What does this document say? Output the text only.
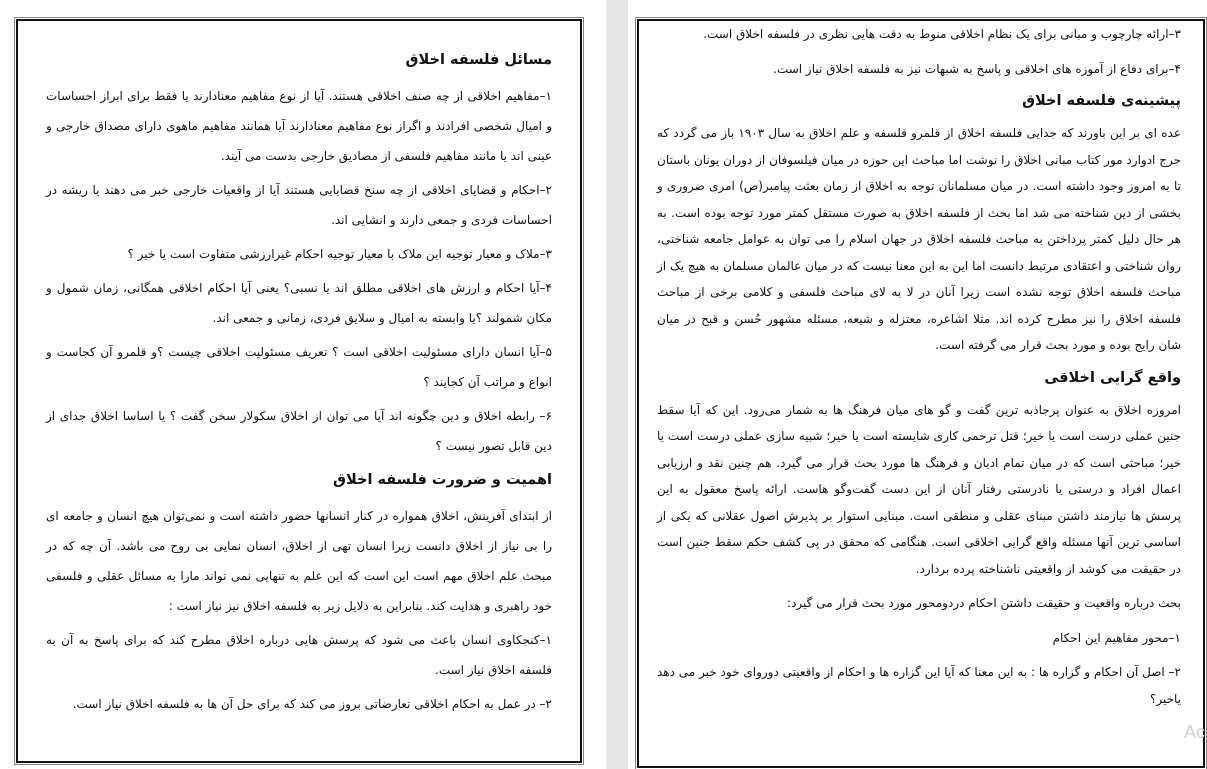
مسائل فلسفه اخلاق

۱–مفاهیم اخلاقی از چه صنف اخلاقی هستند. آیا از نوع مفاهیم معنادارند یا فقط برای ابراز احساسات و امیال شخصی افرادند و اگراز نوع مفاهیم معنادارند آیا همانند مفاهیم ماهوی دارای مصداق خارجی و عینی اند یا مانند مفاهیم فلسفی از مصادیق خارجی بدست می آیند.

۲–احکام و قضایای اخلاقی از چه سنخ قضایایی هستند آیا از واقعیات خارجی خبر می دهند یا ریشه در احساسات فردی و جمعی دارند و انشایی اند.

۳–ملاک و معیار توجیه این ملاک با معیار توجیه احکام غیرارزشی متفاوت است یا خیر ؟

۴–آیا احکام و ارزش های اخلاقی مطلق اند یا نسبی؟ یعنی آیا احکام اخلاقی همگانی، زمان شمول و مکان شمولند ؟یا وابسته به امیال و سلایق فردی، زمانی و جمعی اند.

۵–آیا انسان دارای مسئولیت اخلاقی است ؟ تعریف مسئولیت اخلاقی چیست ؟و قلمرو آن کجاست و انواع و مراتب آن کجایند ؟

۶– رابطه اخلاق و دین چگونه اند آیا می توان از اخلاق سکولار سخن گفت ؟ یا اساسا اخلاق جدای از دین قابل تصور نیست ؟

اهمیت و ضرورت فلسفه اخلاق

از ابتدای آفرینش، اخلاق همواره در کنار انسانها حضور داشته است و نمی‌توان هیچ انسان و جامعه ای را بی نیاز از اخلاق دانست زیرا انسان تهی از اخلاق، انسان نمایی بی روح می باشد. آن چه که در مبحث علم اخلاق مهم است این است که این علم به تنهایی نمی تواند مارا به مسائل عقلی و فلسفی خود راهبری و هدایت کند. بنابراین به دلایل زیر به فلسفه اخلاق نیز نیاز است :

۱–کنجکاوی انسان باعث می شود که پرسش هایی درباره اخلاق مطرح کند که برای پاسخ به آن به فلسفه اخلاق نیاز است.

۲– در عمل به احکام اخلاقی تعارضاتی بروز می کند که برای حل آن ها به فلسفه اخلاق نیاز است.

۳–ارائه چارچوب و مبانی برای یک نظام اخلاقی منوط به دقت هایی نظری در فلسفه اخلاق است.

۴–برای دفاع از آموزه های اخلاقی و پاسخ به شبهات نیز به فلسفه اخلاق نیاز است.

پیشینه‌ی فلسفه اخلاق

عده ای بر این باورند که جدایی فلسفه اخلاق از قلمرو فلسفه و علم اخلاق به سال ۱۹۰۳ باز می گردد که جرج ادوارد مور کتاب مبانی اخلاق را نوشت اما مباحث این حوزه در میان فیلسوفان از دوران یونان باستان تا به امروز وجود داشته است. در میان مسلمانان توجه به اخلاق از زمان بعثت پیامبر(ص) امری ضروری و بخشی از دین شناخته می شد اما بحث از فلسفه اخلاق به صورت مستقل کمتر مورد توجه بوده است. به هر حال دلیل کمتر پرداختن به مباحث فلسفه اخلاق در جهان اسلام را می توان به عوامل جامعه شناختی، روان شناختی و اعتقادی مرتبط دانست اما این به این معنا نیست که در میان عالمان مسلمان به هیچ یک از مباحث فلسفه اخلاق توجه نشده است زیرا آنان در لا به لای مباحث فلسفی و کلامی برخی از مباحث فلسفه اخلاق را نیز مطرح کرده اند. مثلا اشاعره، معتزله و شیعه، مسئله مشهور حُسن و قبح در میان شان رایج بوده و مورد بحث قرار می گرفته است.

واقع گرایی اخلاقی

امروزه اخلاق به عنوان پرجاذبه ترین گفت و گو های میان فرهنگ ها به شمار می‌رود. این که آیا سقط جنین عملی درست است یا خیر؛ قتل ترحمی کاری شایسته است یا خیر؛ شبیه سازی عملی درست است یا خیر؛ مباحثی است که در میان تمام ادیان و فرهنگ ها مورد بحث قرار می گیرد. هم چنین نقد و ارزیابی اعمال افراد و درستی یا نادرستی رفتار آنان از این دست گفت‌وگو هاست. ارائه پاسخ معقول به این پرسش ها نیازمند داشتن مبنای عقلی و منطقی است. مبنایی استوار بر پذیرش اصول عقلانی که یکی از اساسی ترین آنها مسئله واقع گرایی اخلاقی است. هنگامی که محقق در پی کشف حکم سقط جنین است در حقیقت می کوشد از واقعیتی ناشناخته پرده بردارد.

بحث درباره واقعیت و حقیقت داشتن احکام دردومحور مورد بحث قرار می گیرد:

۱–محور مفاهیم این احکام

۲– اصل آن احکام و گزاره ها : به این معنا که آیا این گزاره ها و احکام از واقعیتی دوروای خود خبر می دهد یاخیر؟

Ac
